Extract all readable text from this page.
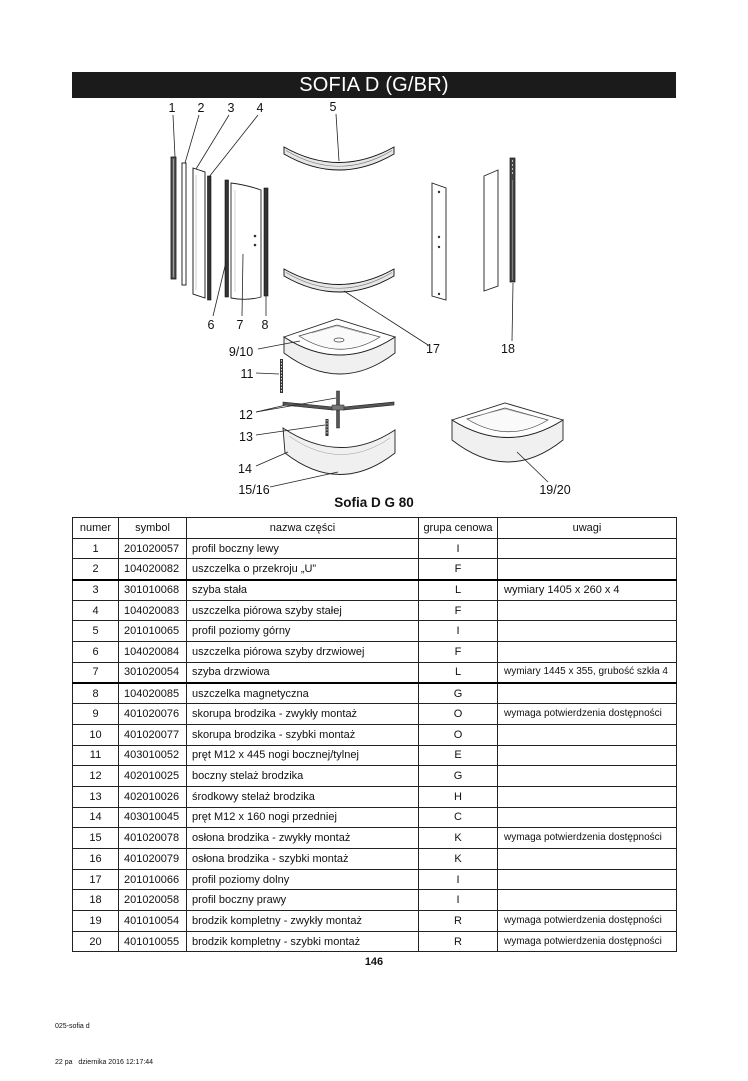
SOFIA D (G/BR)
1 2 3 4	5
6 7 8
9/10
11
12
13
14
15/16
17	18
19/20
Sofia D G 80
numer	symbol	nazwa części	grupa cenowa	uwagi
1	201020057	profil boczny lewy	I	
2	104020082	uszczelka o przekroju „U”	F	
3	301010068	szyba stała	L	wymiary 1405 x 260 x 4
4	104020083	uszczelka piórowa szyby stałej	F	
5	201010065	profil poziomy górny	I	
6	104020084	uszczelka piórowa szyby drzwiowej	F	
7	301020054	szyba drzwiowa	L	wymiary 1445 x 355, grubość szkła 4
8	104020085	uszczelka magnetyczna	G	
9	401020076	skorupa brodzika - zwykły montaż	O	wymaga potwierdzenia dostępności
10	401020077	skorupa brodzika - szybki montaż	O	
11	403010052	pręt M12 x 445 nogi bocznej/tylnej	E	
12	402010025	boczny stelaż brodzika	G	
13	402010026	środkowy stelaż brodzika	H	
14	403010045	pręt M12 x 160 nogi przedniej	C	
15	401020078	osłona brodzika - zwykły montaż	K	wymaga potwierdzenia dostępności
16	401020079	osłona brodzika - szybki montaż	K	
17	201010066	profil poziomy dolny	I	
18	201020058	profil boczny prawy	I	
19	401010054	brodzik kompletny - zwykły montaż	R	wymaga potwierdzenia dostępności
20	401010055	brodzik kompletny - szybki montaż	R	wymaga potwierdzenia dostępności
146

025-sofia d

22 pa   dziernika 2016 12:17:44
